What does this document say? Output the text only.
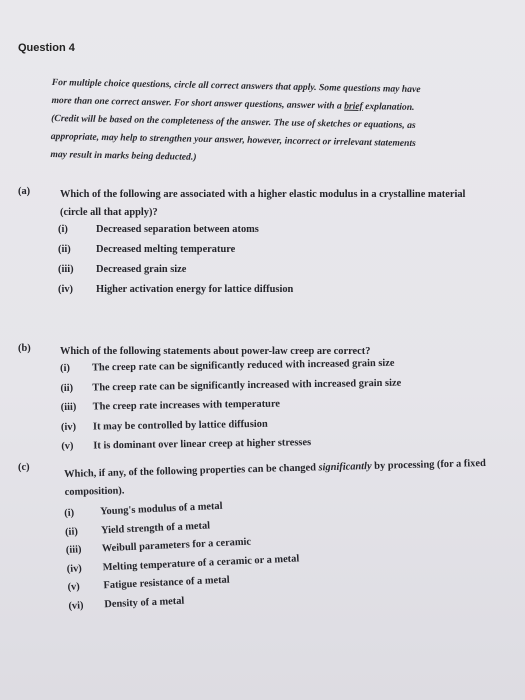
Question 4
For multiple choice questions, circle all correct answers that apply. Some questions may have
more than one correct answer. For short answer questions, answer with a brief explanation.
(Credit will be based on the completeness of the answer. The use of sketches or equations, as
appropriate, may help to strengthen your answer, however, incorrect or irrelevant statements
may result in marks being deducted.)
(a)	Which of the following are associated with a higher elastic modulus in a crystalline material
(circle all that apply)?
(i)	Decreased separation between atoms
(ii) Decreased melting temperature
(iii) Decreased grain size
(iv) Higher activation energy for lattice diffusion
(b)	Which of the following statements about power-law creep are correct?
(i) The creep rate can be significantly reduced with increased grain size
(ii) The creep rate can be significantly increased with increased grain size
(iii) The creep rate increases with temperature
(iv) It may be controlled by lattice diffusion
(v) It is dominant over linear creep at higher stresses
(c)	Which, if any, of the following properties can be changed significantly by processing (for a fixed
composition).
(i) Young's modulus of a metal
(ii) Yield strength of a metal
(iii) Weibull parameters for a ceramic
(iv) Melting temperature of a ceramic or a metal
(v) Fatigue resistance of a metal
(vi) Density of a metal
